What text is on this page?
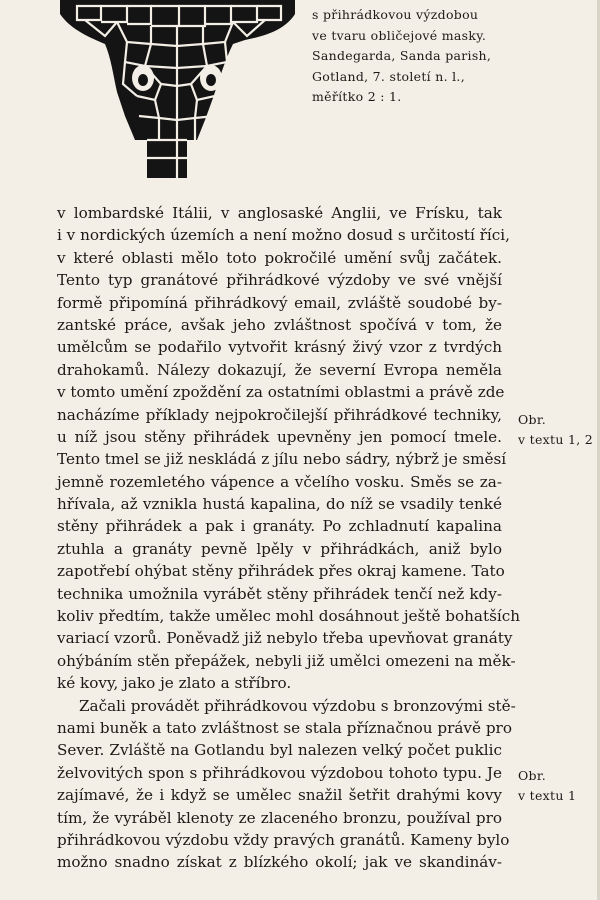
s přihrádkovou výzdobou
ve tvaru obličejové masky.
Sandegarda, Sanda parish,
Gotland, 7. století n. l.,
měřítko 2 : 1.
v lombardské Itálii, v anglosaské Anglii, ve Frísku, tak
i v nordických územích a není možno dosud s určitostí říci,
v které oblasti mělo toto pokročilé umění svůj začátek.
Tento typ granátové přihrádkové výzdoby ve své vnější
formě připomíná přihrádkový email, zvláště soudobé by-
zantské práce, avšak jeho zvláštnost spočívá v tom, že
umělcům se podařilo vytvořit krásný živý vzor z tvrdých
drahokamů. Nálezy dokazují, že severní Evropa neměla
v tomto umění zpoždění za ostatními oblastmi a právě zde
nacházíme příklady nejpokročilejší přihrádkové techniky,
u níž jsou stěny přihrádek upevněny jen pomocí tmele.
Tento tmel se již neskládá z jílu nebo sádry, nýbrž je směsí
jemně rozemletého vápence a včelího vosku. Směs se za-
hřívala, až vznikla hustá kapalina, do níž se vsadily tenké
stěny přihrádek a pak i granáty. Po zchladnutí kapalina
ztuhla a granáty pevně lpěly v přihrádkách, aniž bylo
zapotřebí ohýbat stěny přihrádek přes okraj kamene. Tato
technika umožnila vyrábět stěny přihrádek tenčí než kdy-
koliv předtím, takže umělec mohl dosáhnout ještě bohatších
variací vzorů. Poněvadž již nebylo třeba upevňovat granáty
ohýbáním stěn přepážek, nebyli již umělci omezeni na měk-
ké kovy, jako je zlato a stříbro.
Začali provádět přihrádkovou výzdobu s bronzovými stě-
nami buněk a tato zvláštnost se stala příznačnou právě pro
Sever. Zvláště na Gotlandu byl nalezen velký počet puklic
želvovitých spon s přihrádkovou výzdobou tohoto typu. Je
zajímavé, že i když se umělec snažil šetřit drahými kovy
tím, že vyráběl klenoty ze zlaceného bronzu, používal pro
přihrádkovou výzdobu vždy pravých granátů. Kameny bylo
možno snadno získat z blízkého okolí; jak ve skandináv-
Obr.
v textu 1, 2
Obr.
v textu 1
